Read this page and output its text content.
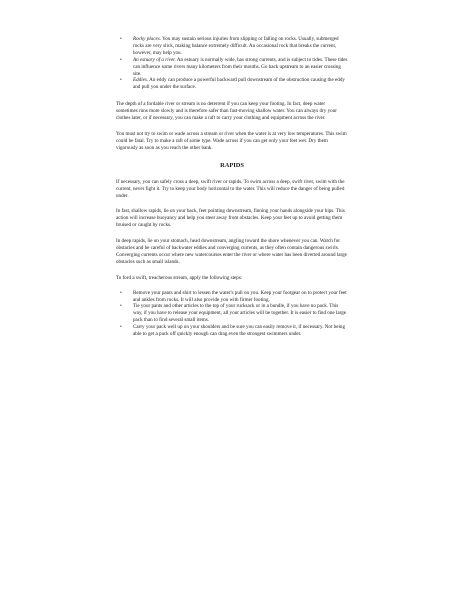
• Rocky places. You may sustain serious injuries from slipping or falling on rocks. Usually, submerged rocks are very slick, making balance extremely difficult. An occasional rock that breaks the current, however, may help you.
• An estuary of a river. An estuary is normally wide, has strong currents, and is subject to tides. These tides can influence some rivers many kilometers from their mouths. Go back upstream to an easier crossing site.
• Eddies. An eddy can produce a powerful backward pull downstream of the obstruction causing the eddy and pull you under the surface.

The depth of a fordable river or stream is no deterrent if you can keep your footing. In fact, deep water sometimes runs more slowly and is therefore safer than fast-moving shallow water. You can always dry your clothes later, or if necessary, you can make a raft to carry your clothing and equipment across the river.

You must not try to swim or wade across a stream or river when the water is at very low temperatures. This swim could be fatal. Try to make a raft of some type. Wade across if you can get only your feet wet. Dry them vigorously as soon as you reach the other bank.

RAPIDS

If necessary, you can safely cross a deep, swift river or rapids. To swim across a deep, swift river, swim with the current, never fight it. Try to keep your body horizontal to the water. This will reduce the danger of being pulled under.

In fast, shallow rapids, lie on your back, feet pointing downstream, finning your hands alongside your hips. This action will increase buoyancy and help you steer away from obstacles. Keep your feet up to avoid getting them bruised or caught by rocks.

In deep rapids, lie on your stomach, head downstream, angling toward the shore whenever you can. Watch for obstacles and be careful of backwater eddies and converging currents, as they often contain dangerous swirls. Converging currents occur where new watercourses enter the river or where water has been diverted around large obstacles such as small islands.

To ford a swift, treacherous stream, apply the following steps:

• Remove your pants and shirt to lessen the water's pull on you. Keep your footgear on to protect your feet and ankles from rocks. It will also provide you with firmer footing.
• Tie your pants and other articles to the top of your rucksack or in a bundle, if you have no pack. This way, if you have to release your equipment, all your articles will be together. It is easier to find one large pack than to find several small items.
• Carry your pack well up on your shoulders and be sure you can easily remove it, if necessary. Not being able to get a pack off quickly enough can drag even the strongest swimmers under.
